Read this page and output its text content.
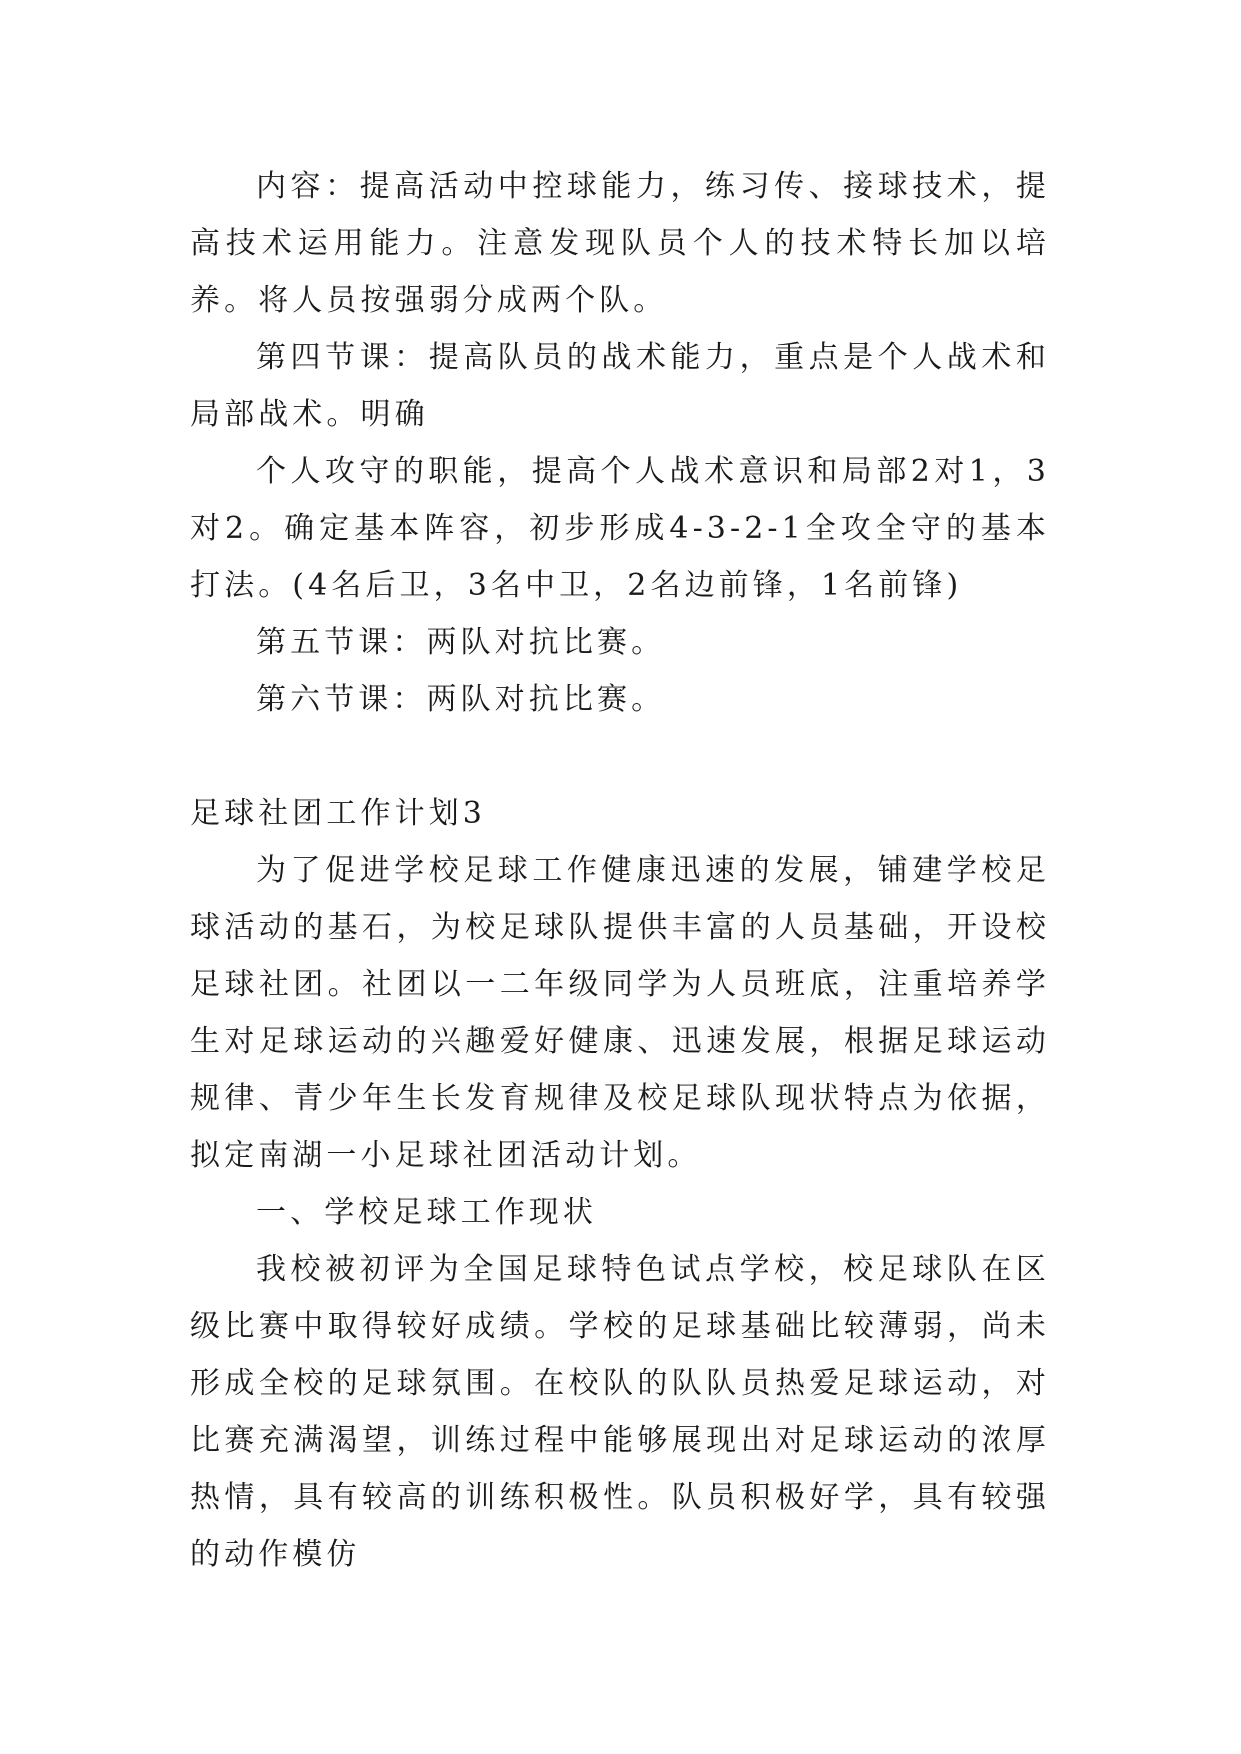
内容：提高活动中控球能力，练习传、接球技术，提高技术运用能力。注意发现队员个人的技术特长加以培养。将人员按强弱分成两个队。

第四节课：提高队员的战术能力，重点是个人战术和局部战术。明确

个人攻守的职能，提高个人战术意识和局部2对1，3对2。确定基本阵容，初步形成4-3-2-1全攻全守的基本打法。(4名后卫，3名中卫，2名边前锋，1名前锋)

第五节课：两队对抗比赛。

第六节课：两队对抗比赛。

足球社团工作计划3

为了促进学校足球工作健康迅速的发展，铺建学校足球活动的基石，为校足球队提供丰富的人员基础，开设校足球社团。社团以一二年级同学为人员班底，注重培养学生对足球运动的兴趣爱好健康、迅速发展，根据足球运动规律、青少年生长发育规律及校足球队现状特点为依据，拟定南湖一小足球社团活动计划。

一、学校足球工作现状

我校被初评为全国足球特色试点学校，校足球队在区级比赛中取得较好成绩。学校的足球基础比较薄弱，尚未形成全校的足球氛围。在校队的队队员热爱足球运动，对比赛充满渴望，训练过程中能够展现出对足球运动的浓厚热情，具有较高的训练积极性。队员积极好学，具有较强的动作模仿
